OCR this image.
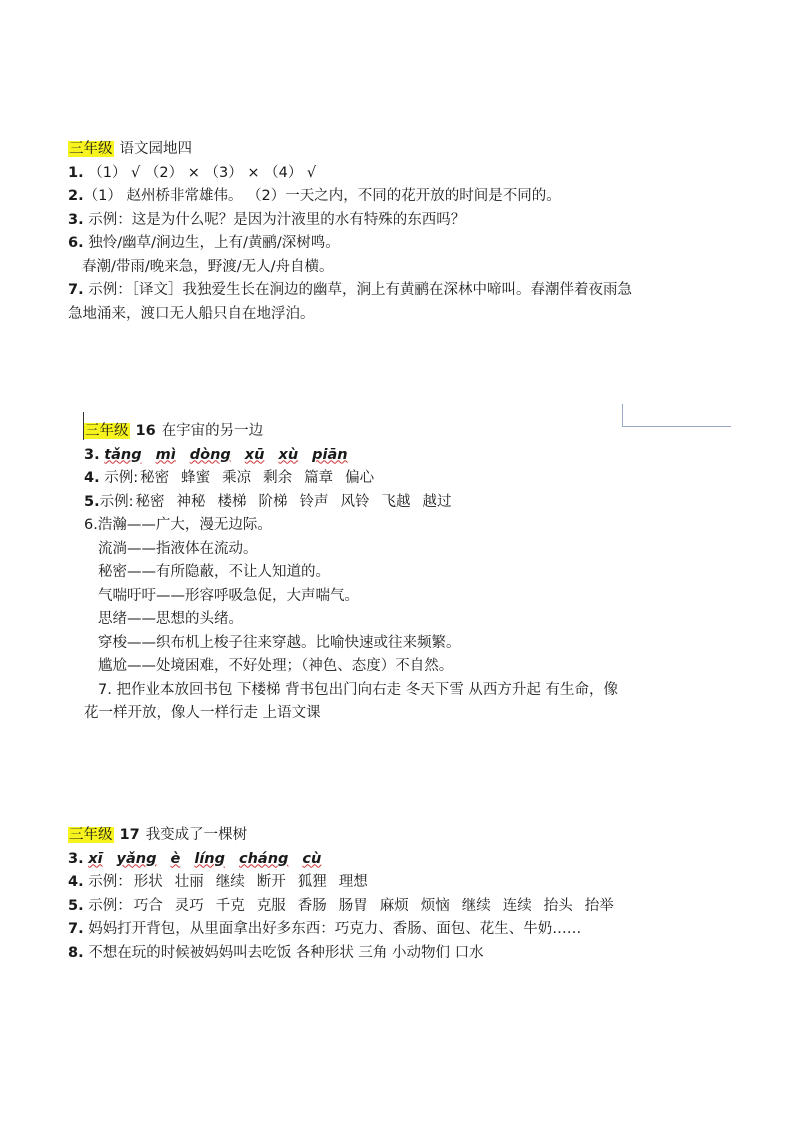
三年级 语文园地四
1. （1） √ （2） × （3） × （4） √
2.（1） 赵州桥非常雄伟。 （2）一天之内，不同的花开放的时间是不同的。
3. 示例：这是为什么呢？是因为汁液里的水有特殊的东西吗？
6. 独怜/幽草/涧边生，上有/黄鹂/深树鸣。
春潮/带雨/晚来急，野渡/无人/舟自横。
7. 示例：［译文］我独爱生长在涧边的幽草，涧上有黄鹂在深林中啼叫。春潮伴着夜雨急
急地涌来，渡口无人船只自在地浮泊。
三年级 16 在宇宙的另一边
3. tǎng mì dòng xū xù piān
4. 示例: 秘密 蜂蜜 乘凉 剩余 篇章 偏心
5.示例: 秘密 神秘 楼梯 阶梯 铃声 风铃 飞越 越过
6.浩瀚——广大，漫无边际。
流淌——指液体在流动。
秘密——有所隐蔽，不让人知道的。
气喘吁吁——形容呼吸急促，大声喘气。
思绪——思想的头绪。
穿梭——织布机上梭子往来穿越。比喻快速或往来频繁。
尴尬——处境困难，不好处理；（神色、态度）不自然。
7. 把作业本放回书包 下楼梯 背书包出门向右走 冬天下雪 从西方升起 有生命，像
花一样开放，像人一样行走 上语文课
三年级 17 我变成了一棵树
3. xī yǎng è líng cháng cù
4. 示例： 形状 壮丽 继续 断开 狐狸 理想
5. 示例： 巧合 灵巧 千克 克服 香肠 肠胃 麻烦 烦恼 继续 连续 抬头 抬举
7. 妈妈打开背包，从里面拿出好多东西：巧克力、香肠、面包、花生、牛奶……
8. 不想在玩的时候被妈妈叫去吃饭 各种形状 三角 小动物们 口水
